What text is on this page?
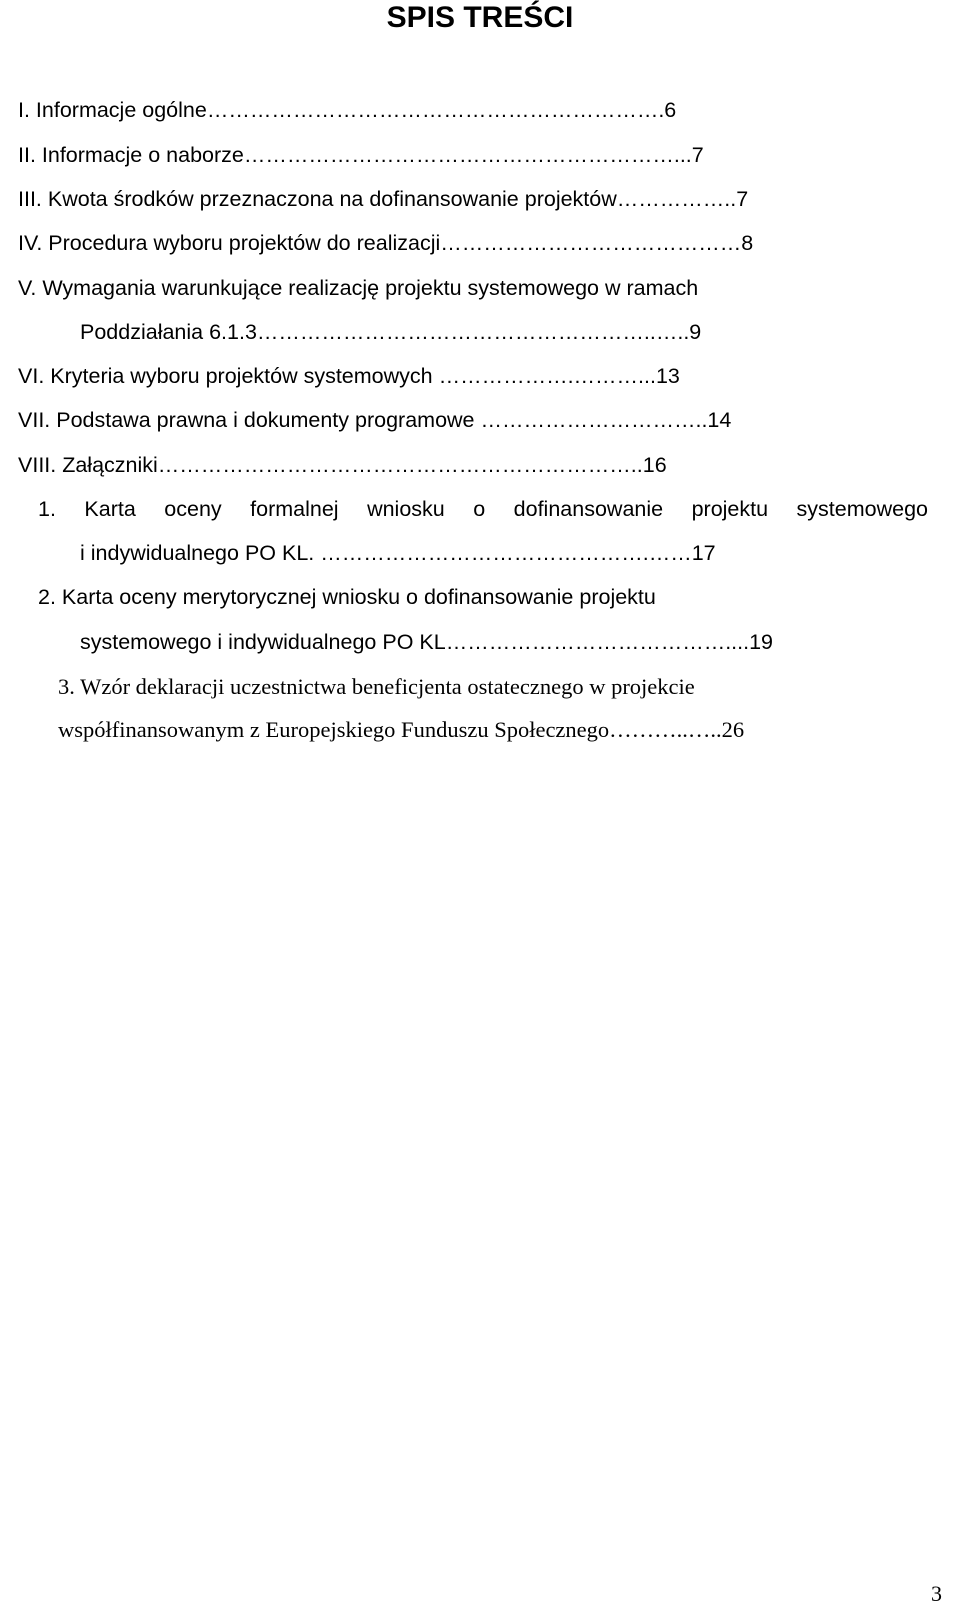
SPIS TREŚCI
I. Informacje ogólne……………………………………………………….6
II. Informacje o naborze……………………………………………………...7
III. Kwota środków przeznaczona na dofinansowanie projektów……………..7
IV. Procedura wyboru projektów do realizacji……………………………………8
V. Wymagania warunkujące realizację projektu systemowego w ramach
Poddziałania 6.1.3………………………………………………..…..9
VI. Kryteria wyboru projektów systemowych ……………….………...13
VII. Podstawa prawna i dokumenty programowe …………………………..14
VIII. Załączniki…………………………………………………………..16
1. Karta oceny formalnej wniosku o dofinansowanie projektu systemowego
i indywidualnego PO KL. ……………………………………….……17
2. Karta oceny merytorycznej wniosku o dofinansowanie projektu
systemowego i indywidualnego PO KL…………………………………....19
3. Wzór deklaracji uczestnictwa beneficjenta ostatecznego w projekcie
współfinansowanym z Europejskiego Funduszu Społecznego………..…..26
3
